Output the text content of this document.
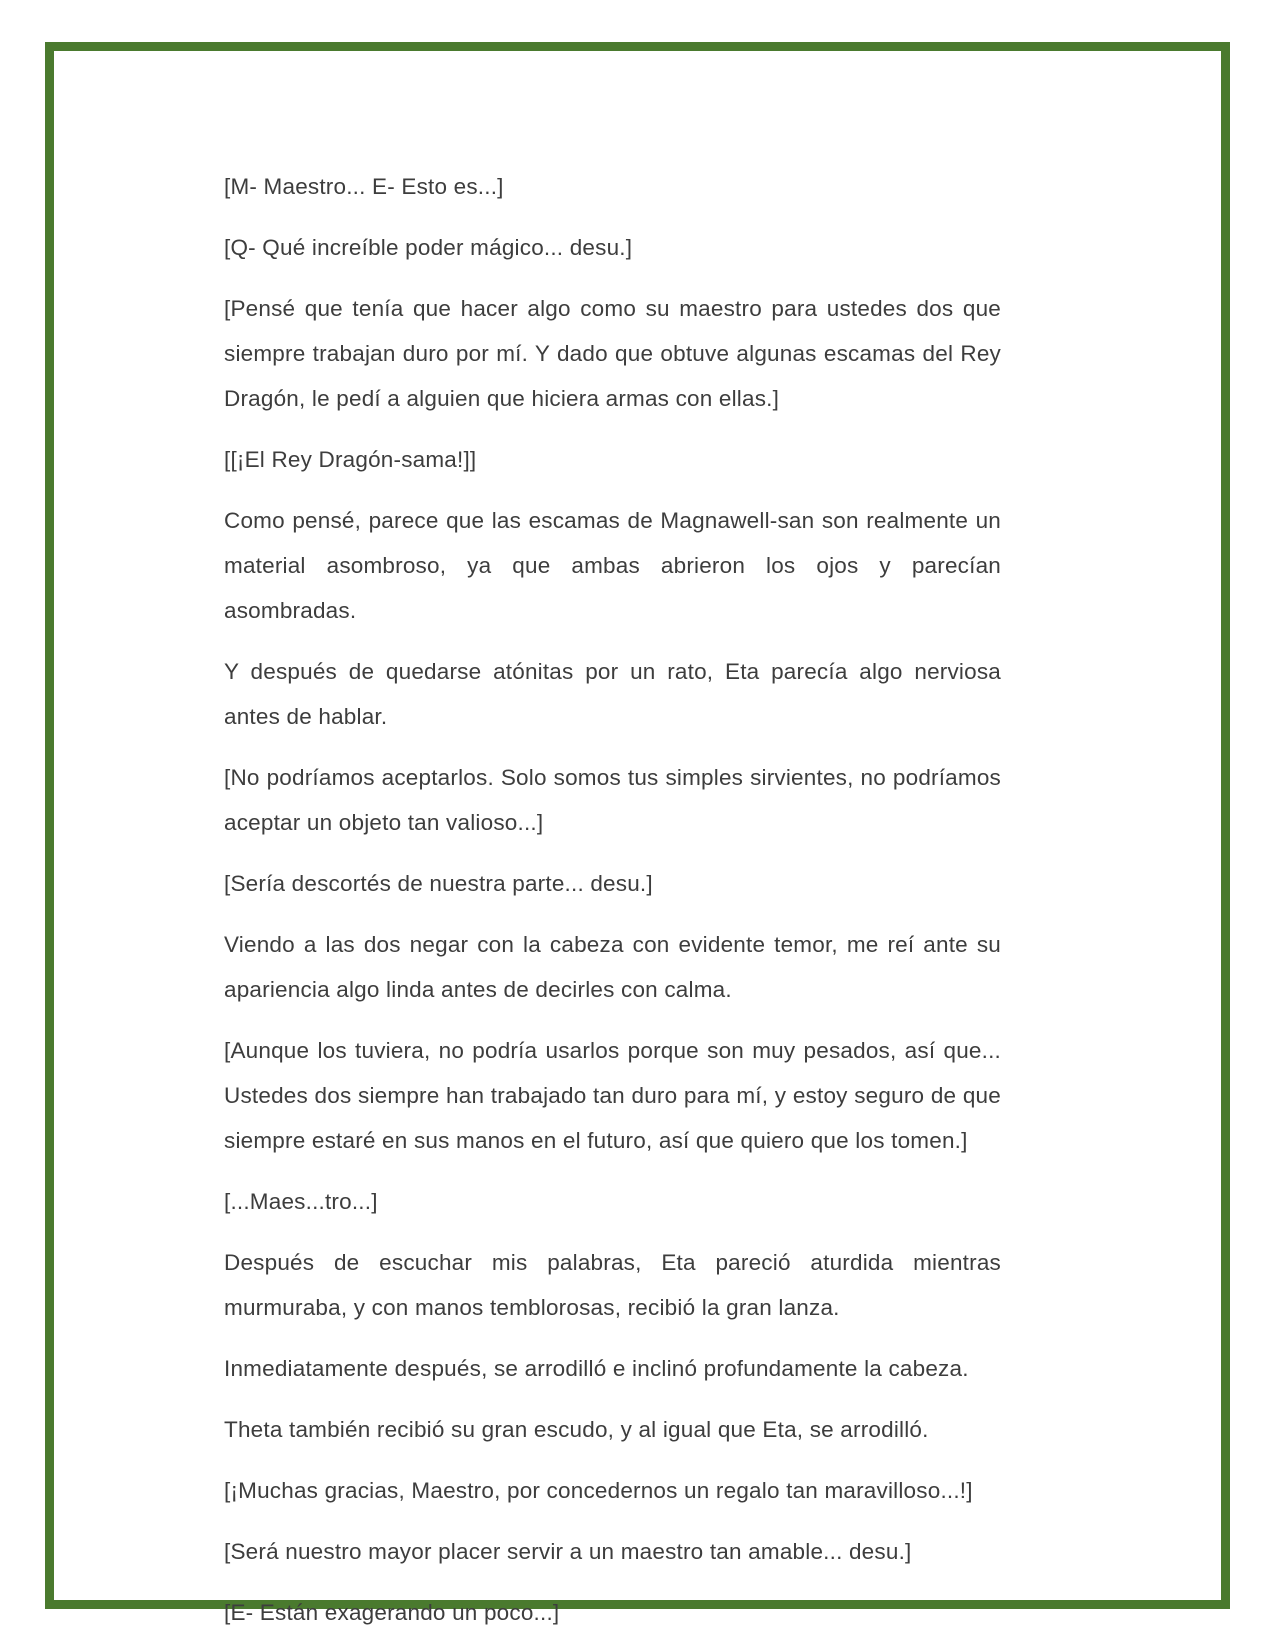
[M- Maestro... E- Esto es...]

[Q- Qué increíble poder mágico... desu.]

[Pensé que tenía que hacer algo como su maestro para ustedes dos que siempre trabajan duro por mí. Y dado que obtuve algunas escamas del Rey Dragón, le pedí a alguien que hiciera armas con ellas.]

[[¡El Rey Dragón-sama!]]

Como pensé, parece que las escamas de Magnawell-san son realmente un material asombroso, ya que ambas abrieron los ojos y parecían asombradas.

Y después de quedarse atónitas por un rato, Eta parecía algo nerviosa antes de hablar.

[No podríamos aceptarlos. Solo somos tus simples sirvientes, no podríamos aceptar un objeto tan valioso...]

[Sería descortés de nuestra parte... desu.]

Viendo a las dos negar con la cabeza con evidente temor, me reí ante su apariencia algo linda antes de decirles con calma.

[Aunque los tuviera, no podría usarlos porque son muy pesados, así que... Ustedes dos siempre han trabajado tan duro para mí, y estoy seguro de que siempre estaré en sus manos en el futuro, así que quiero que los tomen.]

[...Maes...tro...]

Después de escuchar mis palabras, Eta pareció aturdida mientras murmuraba, y con manos temblorosas, recibió la gran lanza.

Inmediatamente después, se arrodilló e inclinó profundamente la cabeza.

Theta también recibió su gran escudo, y al igual que Eta, se arrodilló.

[¡Muchas gracias, Maestro, por concedernos un regalo tan maravilloso...!]

[Será nuestro mayor placer servir a un maestro tan amable... desu.]

[E- Están exagerando un poco...]
